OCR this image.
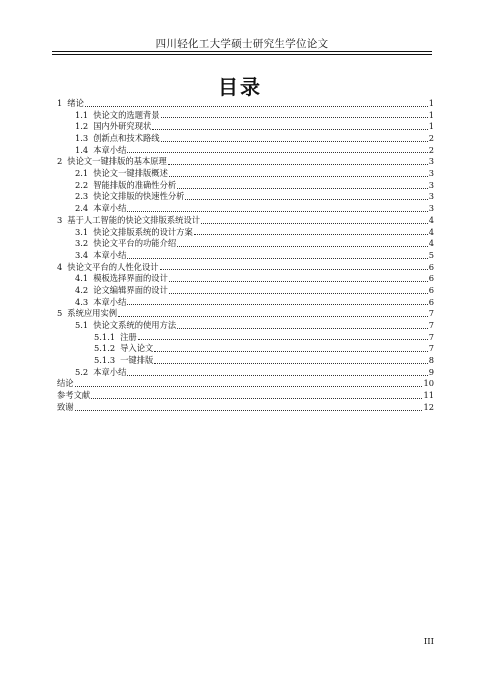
四川轻化工大学硕士研究生学位论文
目录
1 绪论	1
1.1 快论文的选题背景	1
1.2 国内外研究现状	1
1.3 创新点和技术路线	2
1.4 本章小结	2
2 快论文一键排版的基本原理	3
2.1 快论文一键排版概述	3
2.2 智能排版的准确性分析	3
2.3 快论文排版的快速性分析	3
2.4 本章小结	3
3 基于人工智能的快论文排版系统设计	4
3.1 快论文排版系统的设计方案	4
3.2 快论文平台的功能介绍	4
3.4 本章小结	5
4 快论文平台的人性化设计	6
4.1 模板选择界面的设计	6
4.2 论文编辑界面的设计	6
4.3 本章小结	6
5 系统应用实例	7
5.1 快论文系统的使用方法	7
5.1.1 注册	7
5.1.2 导入论文	7
5.1.3 一键排版	8
5.2 本章小结	9
结论	10
参考文献	11
致谢	12
III
